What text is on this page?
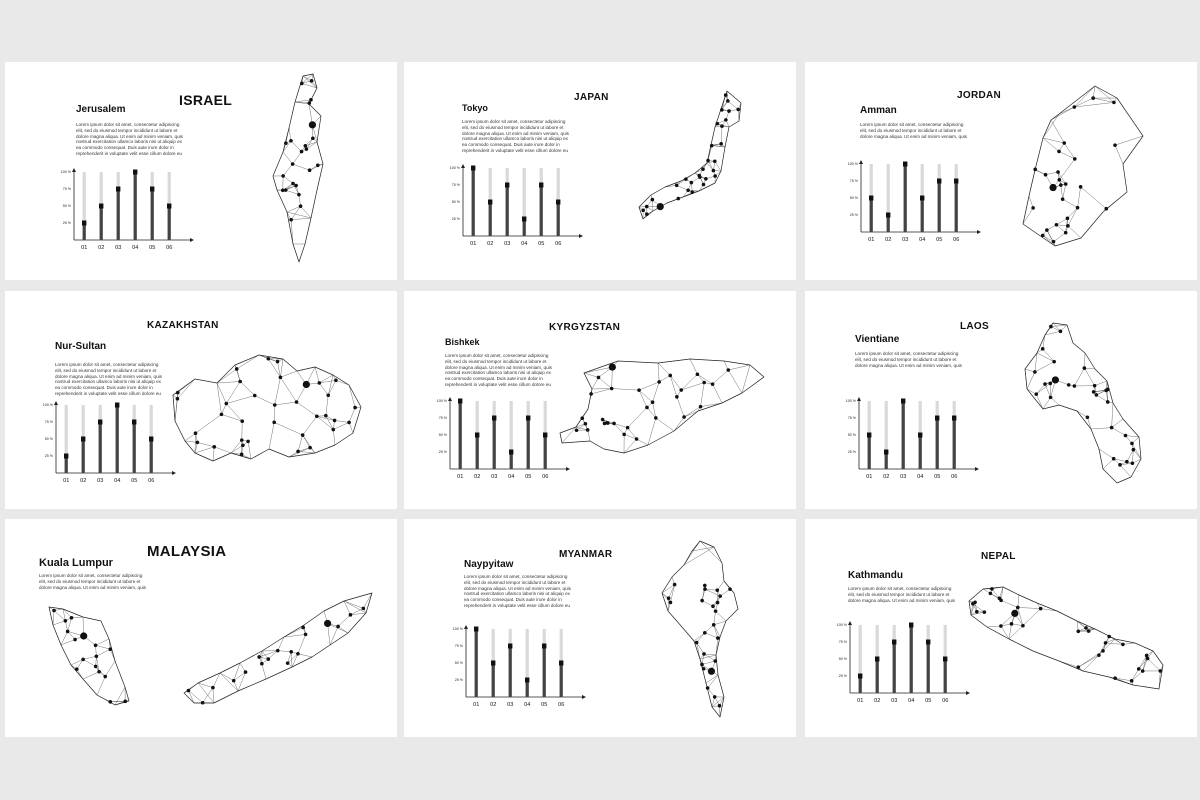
ISRAEL
Jerusalem
Lorem ipsum dolor sit amet, consectetur adipiscing
elit, sed do eiusmod tempor incididunt ut labore et
dolore magna aliqua. Ut enim ad minim veniam, quis
nostrud exercitation ullamco laboris nisi ut aliquip ex
ea commodo consequat. Duis aute irure dolor in
reprehenderit in voluptate velit esse cillum dolore eu
25 %
50 %
75 %
100 %
01 02 03 04 05 06
JAPAN
Tokyo
Lorem ipsum dolor sit amet, consectetur adipiscing
elit, sed do eiusmod tempor incididunt ut labore et
dolore magna aliqua. Ut enim ad minim veniam, quis
nostrud exercitation ullamco laboris nisi ut aliquip ex
ea commodo consequat. Duis aute irure dolor in
reprehenderit in voluptate velit esse cillum dolore eu
25 %
50 %
75 %
100 %
01 02 03 04 05 06
JORDAN
Amman
Lorem ipsum dolor sit amet, consectetur adipiscing
elit, sed do eiusmod tempor incididunt ut labore et
dolore magna aliqua. Ut enim ad minim veniam, quis
25 %
50 %
75 %
100 %
01 02 03 04 05 06
KAZAKHSTAN
Nur-Sultan
Lorem ipsum dolor sit amet, consectetur adipiscing
elit, sed do eiusmod tempor incididunt ut labore et
dolore magna aliqua. Ut enim ad minim veniam, quis
nostrud exercitation ullamco laboris nisi ut aliquip ex
ea commodo consequat. Duis aute irure dolor in
reprehenderit in voluptate velit esse cillum dolore eu
25 %
50 %
75 %
100 %
01 02 03 04 05 06
KYRGYZSTAN
Bishkek
Lorem ipsum dolor sit amet, consectetur adipiscing
elit, sed do eiusmod tempor incididunt ut labore et
dolore magna aliqua. Ut enim ad minim veniam, quis
nostrud exercitation ullamco laboris nisi ut aliquip ex
ea commodo consequat. Duis aute irure dolor in
reprehenderit in voluptate velit esse cillum dolore eu
25 %
50 %
75 %
100 %
01 02 03 04 05 06
LAOS
Vientiane
Lorem ipsum dolor sit amet, consectetur adipiscing
elit, sed do eiusmod tempor incididunt ut labore et
dolore magna aliqua. Ut enim ad minim veniam, quis
25 %
50 %
75 %
100 %
01 02 03 04 05 06
MALAYSIA
Kuala Lumpur
Lorem ipsum dolor sit amet, consectetur adipiscing
elit, sed do eiusmod tempor incididunt ut labore et
dolore magna aliqua. Ut enim ad minim veniam, quis
MYANMAR
Naypyitaw
Lorem ipsum dolor sit amet, consectetur adipiscing
elit, sed do eiusmod tempor incididunt ut labore et
dolore magna aliqua. Ut enim ad minim veniam, quis
nostrud exercitation ullamco laboris nisi ut aliquip ex
ea commodo consequat. Duis aute irure dolor in
reprehenderit in voluptate velit esse cillum dolore eu
25 %
50 %
75 %
100 %
01 02 03 04 05 06
NEPAL
Kathmandu
Lorem ipsum dolor sit amet, consectetur adipiscing
elit, sed do eiusmod tempor incididunt ut labore et
dolore magna aliqua. Ut enim ad minim veniam, quis
25 %
50 %
75 %
100 %
01 02 03 04 05 06
